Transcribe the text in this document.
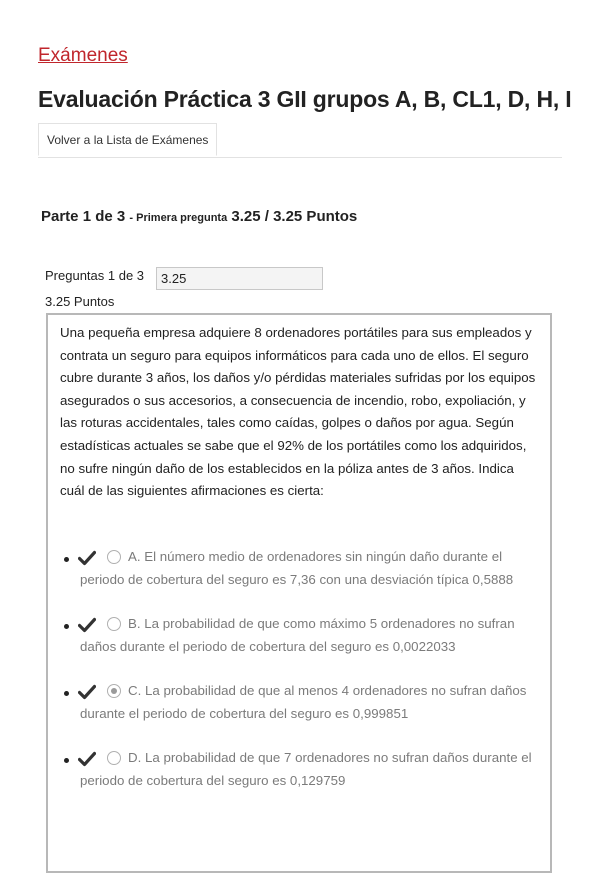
Exámenes
Evaluación Práctica 3 GII grupos A, B, CL1, D, H, I
Volver a la Lista de Exámenes
Parte 1 de 3 - Primera pregunta 3.25 / 3.25 Puntos
Preguntas 1 de 3
3.25
3.25 Puntos

Una pequeña empresa adquiere 8 ordenadores portátiles para sus empleados y contrata un seguro para equipos informáticos para cada uno de ellos. El seguro cubre durante 3 años, los daños y/o pérdidas materiales sufridas por los equipos asegurados o sus accesorios, a consecuencia de incendio, robo, expoliación, y las roturas accidentales, tales como caídas, golpes o daños por agua. Según estadísticas actuales se sabe que el 92% de los portátiles como los adquiridos, no sufre ningún daño de los establecidos en la póliza antes de 3 años. Indica cuál de las siguientes afirmaciones es cierta:

A. El número medio de ordenadores sin ningún daño durante el periodo de cobertura del seguro es 7,36 con una desviación típica 0,5888
B. La probabilidad de que como máximo 5 ordenadores no sufran daños durante el periodo de cobertura del seguro es 0,0022033
C. La probabilidad de que al menos 4 ordenadores no sufran daños durante el periodo de cobertura del seguro es 0,999851
D. La probabilidad de que 7 ordenadores no sufran daños durante el periodo de cobertura del seguro es 0,129759
